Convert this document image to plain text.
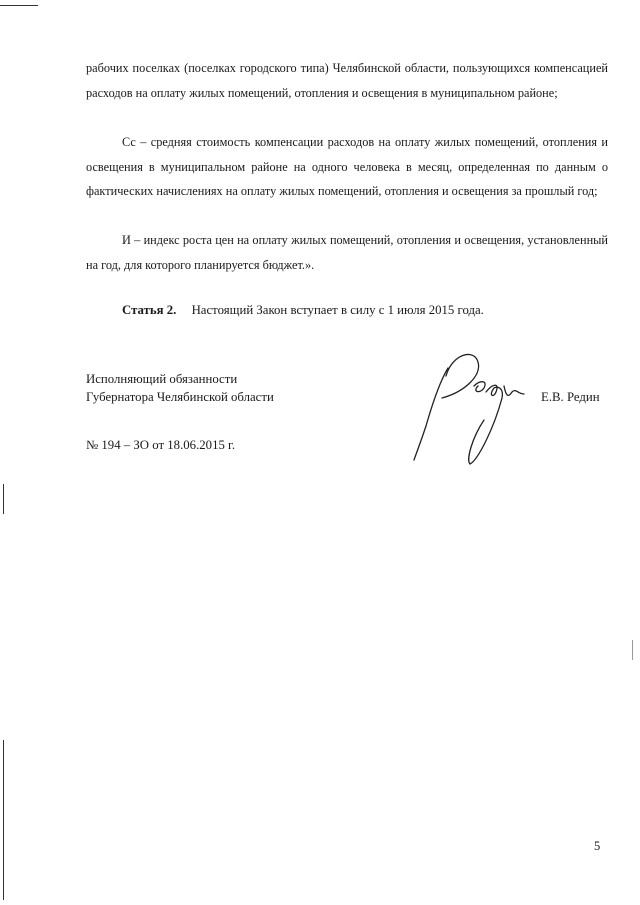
рабочих поселках (поселках городского типа) Челябинской области, пользующихся компенсацией расходов на оплату жилых помещений, отопления и освещения в муниципальном районе;

Сс – средняя стоимость компенсации расходов на оплату жилых помещений, отопления и освещения в муниципальном районе на одного человека в месяц, определенная по данным о фактических начислениях на оплату жилых помещений, отопления и освещения за прошлый год;

И – индекс роста цен на оплату жилых помещений, отопления и освещения, установленный на год, для которого планируется бюджет.».

Статья 2. Настоящий Закон вступает в силу с 1 июля 2015 года.
Исполняющий обязанности
Губернатора Челябинской области	Е.В. Редин
№ 194 – ЗО от 18.06.2015 г.
5
